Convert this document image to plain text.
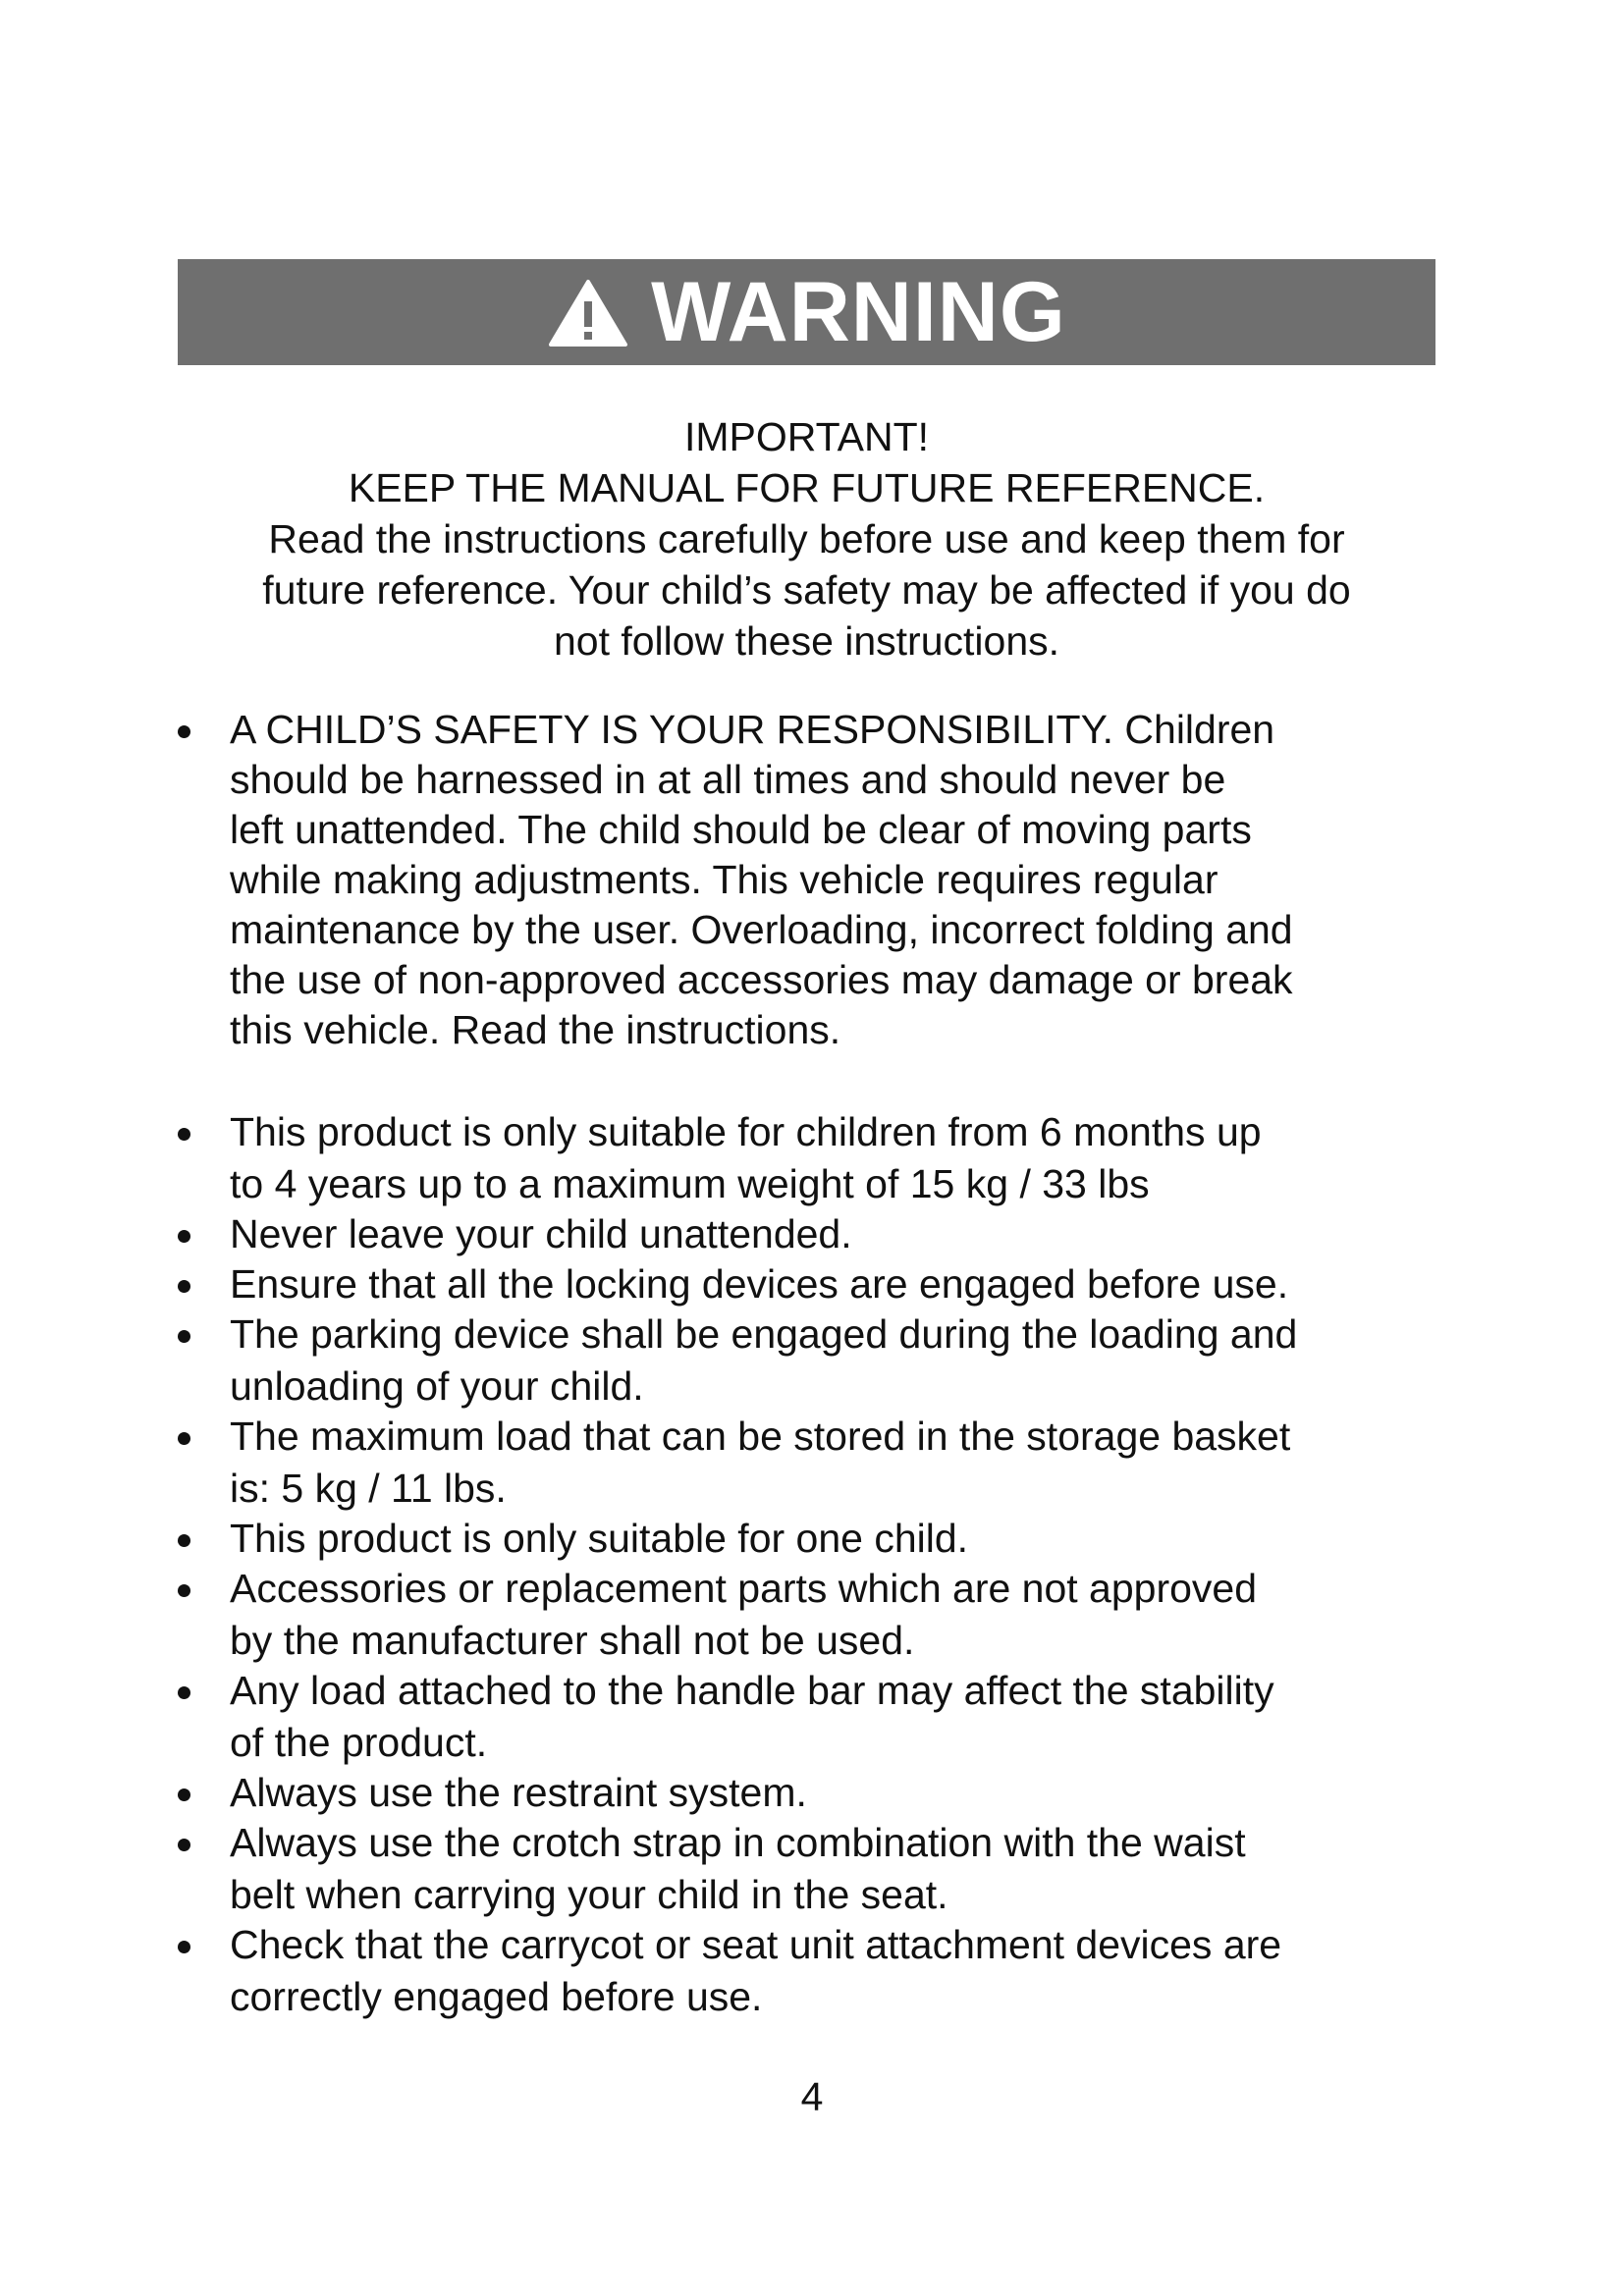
WARNING
IMPORTANT!
KEEP THE MANUAL FOR FUTURE REFERENCE.
Read the instructions carefully before use and keep them for
future reference. Your child’s safety may be affected if you do
not follow these instructions.
A CHILD’S SAFETY IS YOUR RESPONSIBILITY. Children
should be harnessed in at all times and should never be
left unattended. The child should be clear of moving parts
while making adjustments. This vehicle requires regular
maintenance by the user. Overloading, incorrect folding and
the use of non-approved accessories may damage or break
this vehicle. Read the instructions.
This product is only suitable for children from 6 months up
to 4 years up to a maximum weight of 15 kg / 33 lbs
Never leave your child unattended.
Ensure that all the locking devices are engaged before use.
The parking device shall be engaged during the loading and
unloading of your child.
The maximum load that can be stored in the storage basket
is: 5 kg / 11 lbs.
This product is only suitable for one child.
Accessories or replacement parts which are not approved
by the manufacturer shall not be used.
Any load attached to the handle bar may affect the stability
of the product.
Always use the restraint system.
Always use the crotch strap in combination with the waist
belt when carrying your child in the seat.
Check that the carrycot or seat unit attachment devices are
correctly engaged before use.
4
